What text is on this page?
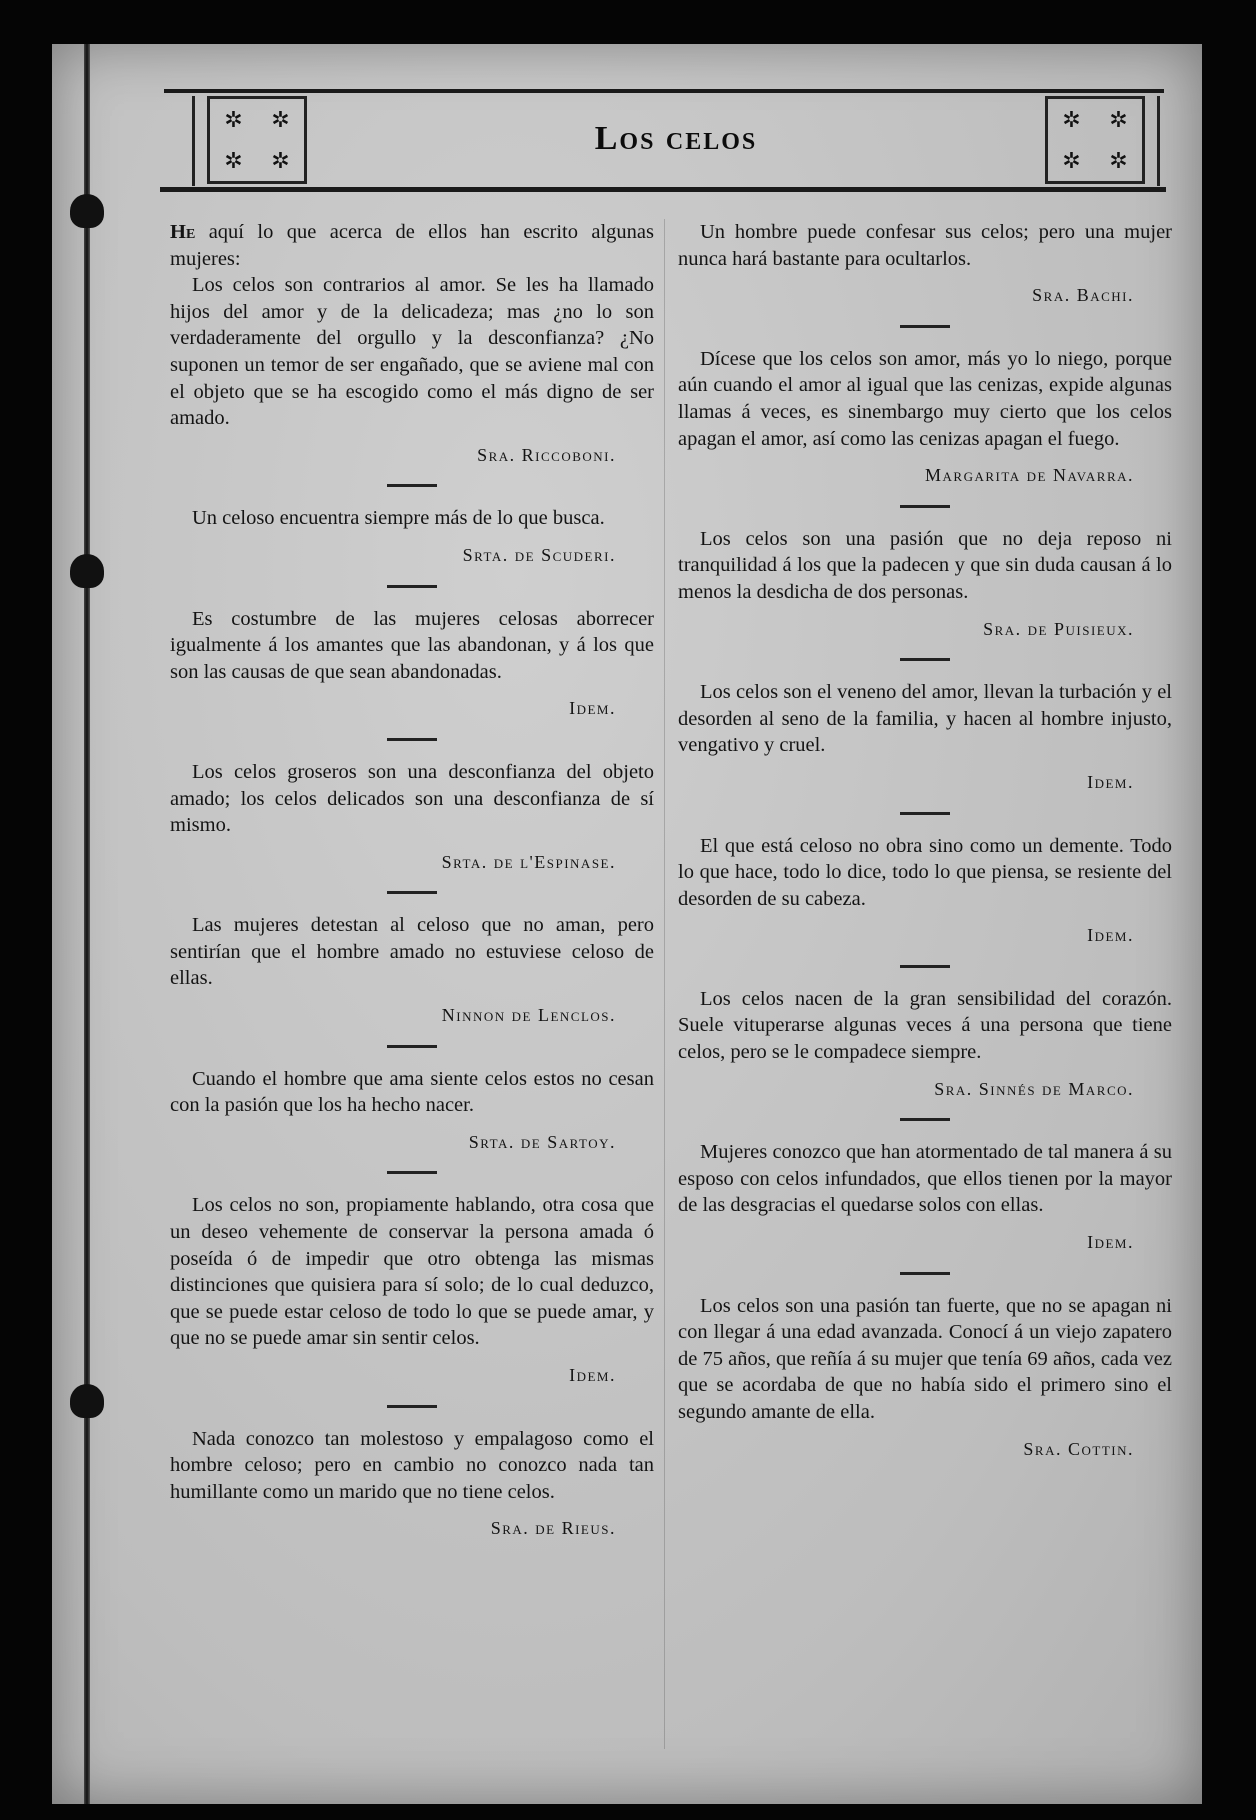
✲ ✲
✲ ✲
Los celos
✲ ✲
✲ ✲

He aquí lo que acerca de ellos han escrito algunas mujeres:

Los celos son contrarios al amor. Se les ha llamado hijos del amor y de la delicadeza; mas ¿no lo son verdaderamente del orgullo y la desconfianza? ¿No suponen un temor de ser engañado, que se aviene mal con el objeto que se ha escogido como el más digno de ser amado.

Sra. Riccoboni.

Un celoso encuentra siempre más de lo que busca.

Srta. de Scuderi.

Es costumbre de las mujeres celosas aborrecer igualmente á los amantes que las abandonan, y á los que son las causas de que sean abandonadas.

Idem.

Los celos groseros son una desconfianza del objeto amado; los celos delicados son una desconfianza de sí mismo.

Srta. de l'Espinase.

Las mujeres detestan al celoso que no aman, pero sentirían que el hombre amado no estuviese celoso de ellas.

Ninnon de Lenclos.

Cuando el hombre que ama siente celos estos no cesan con la pasión que los ha hecho nacer.

Srta. de Sartoy.

Los celos no son, propiamente hablando, otra cosa que un deseo vehemente de conservar la persona amada ó poseída ó de impedir que otro obtenga las mismas distinciones que quisiera para sí solo; de lo cual deduzco, que se puede estar celoso de todo lo que se puede amar, y que no se puede amar sin sentir celos.

Idem.

Nada conozco tan molestoso y empalagoso como el hombre celoso; pero en cambio no conozco nada tan humillante como un marido que no tiene celos.

Sra. de Rieus.

Un hombre puede confesar sus celos; pero una mujer nunca hará bastante para ocultarlos.

Sra. Bachi.

Dícese que los celos son amor, más yo lo niego, porque aún cuando el amor al igual que las cenizas, expide algunas llamas á veces, es sinembargo muy cierto que los celos apagan el amor, así como las cenizas apagan el fuego.

Margarita de Navarra.

Los celos son una pasión que no deja reposo ni tranquilidad á los que la padecen y que sin duda causan á lo menos la desdicha de dos personas.

Sra. de Puisieux.

Los celos son el veneno del amor, llevan la turbación y el desorden al seno de la familia, y hacen al hombre injusto, vengativo y cruel.

Idem.

El que está celoso no obra sino como un demente. Todo lo que hace, todo lo dice, todo lo que piensa, se resiente del desorden de su cabeza.

Idem.

Los celos nacen de la gran sensibilidad del corazón. Suele vituperarse algunas veces á una persona que tiene celos, pero se le compadece siempre.

Sra. Sinnés de Marco.

Mujeres conozco que han atormentado de tal manera á su esposo con celos infundados, que ellos tienen por la mayor de las desgracias el quedarse solos con ellas.

Idem.

Los celos son una pasión tan fuerte, que no se apagan ni con llegar á una edad avanzada. Conocí á un viejo zapatero de 75 años, que reñía á su mujer que tenía 69 años, cada vez que se acordaba de que no había sido el primero sino el segundo amante de ella.

Sra. Cottin.
